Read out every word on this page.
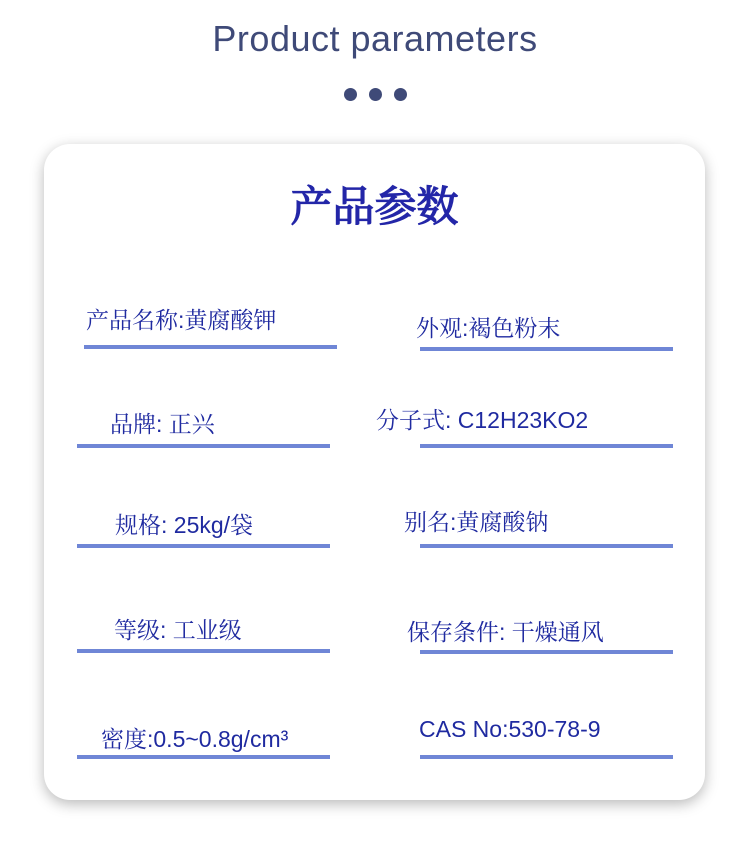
Product parameters
产品参数
产品名称:黄腐酸钾	外观:褐色粉末
品牌: 正兴	分子式: C12H23KO2
规格: 25kg/袋	别名:黄腐酸钠
等级: 工业级	保存条件: 干燥通风
密度:0.5~0.8g/cm³	CAS No:530-78-9
